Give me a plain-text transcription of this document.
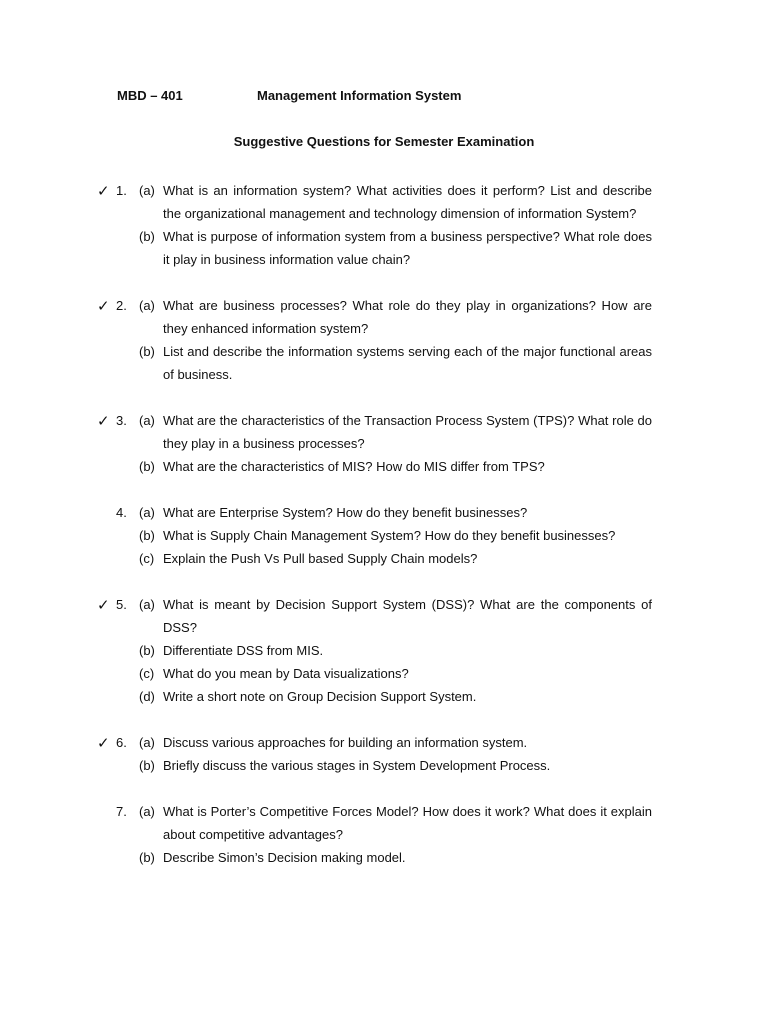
MBD – 401	Management Information System
Suggestive Questions for Semester Examination
✓ 1. (a) What is an information system? What activities does it perform? List and describe the organizational management and technology dimension of information System?
(b) What is purpose of information system from a business perspective? What role does it play in business information value chain?
✓ 2. (a) What are business processes? What role do they play in organizations? How are they enhanced information system?
(b) List and describe the information systems serving each of the major functional areas of business.
✓ 3. (a) What are the characteristics of the Transaction Process System (TPS)? What role do they play in a business processes?
(b) What are the characteristics of MIS? How do MIS differ from TPS?
4. (a) What are Enterprise System? How do they benefit businesses?
(b) What is Supply Chain Management System? How do they benefit businesses?
(c) Explain the Push Vs Pull based Supply Chain models?
✓ 5. (a) What is meant by Decision Support System (DSS)? What are the components of DSS?
(b) Differentiate DSS from MIS.
(c) What do you mean by Data visualizations?
(d) Write a short note on Group Decision Support System.
✓ 6. (a) Discuss various approaches for building an information system.
(b) Briefly discuss the various stages in System Development Process.
7. (a) What is Porter’s Competitive Forces Model? How does it work? What does it explain about competitive advantages?
(b) Describe Simon’s Decision making model.
